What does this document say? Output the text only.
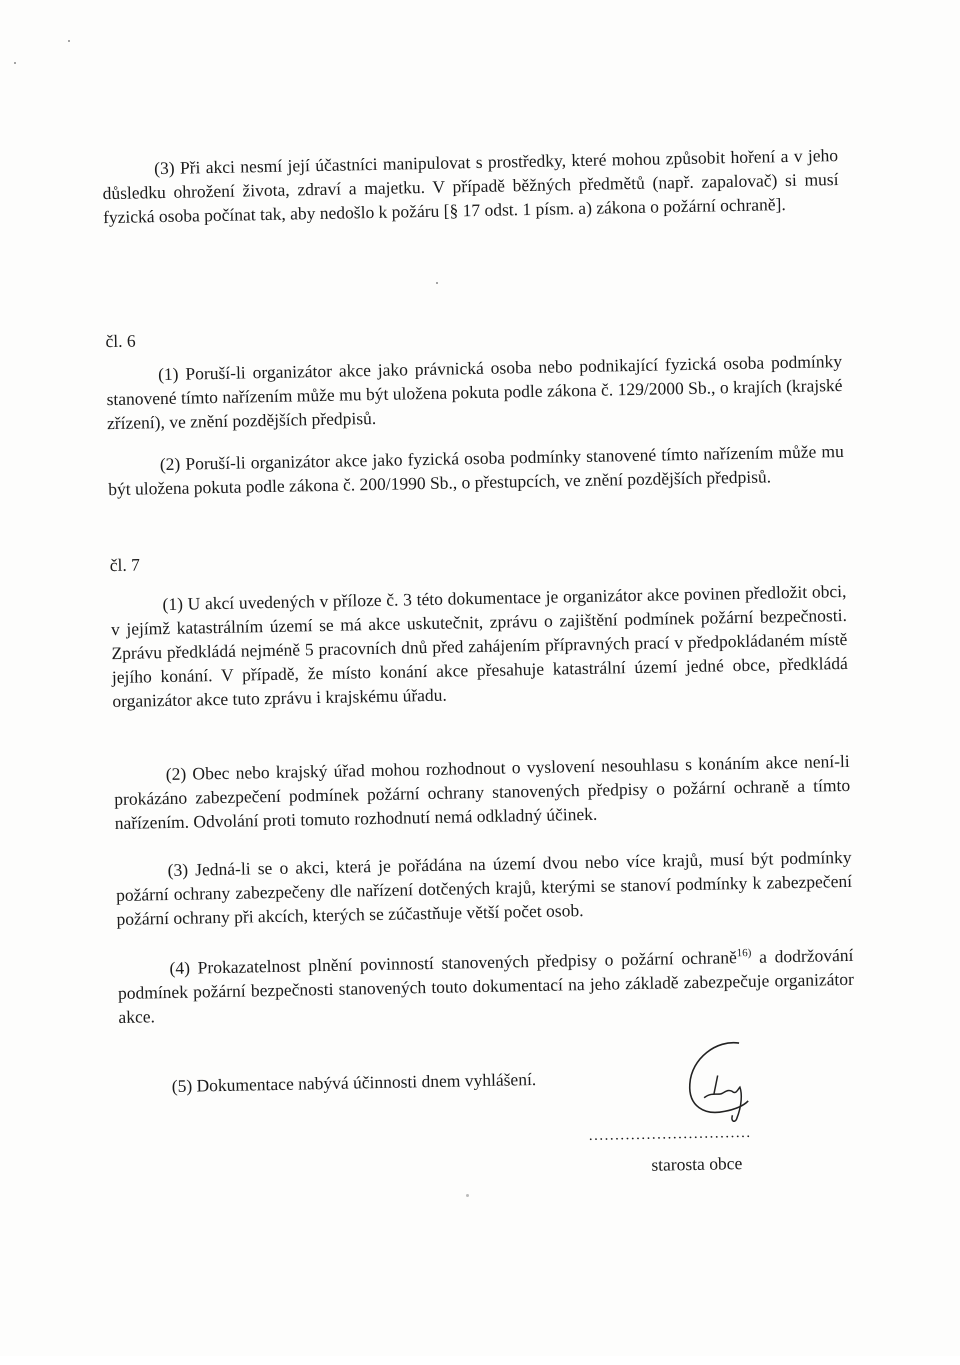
(3) Při akci nesmí její účastníci manipulovat s prostředky, které mohou způsobit hoření a v jeho důsledku ohrožení života, zdraví a majetku. V případě běžných předmětů (např. zapalovač) si musí fyzická osoba počínat tak, aby nedošlo k požáru [§ 17 odst. 1 písm. a) zákona o požární ochraně].

čl. 6

(1) Poruší-li organizátor akce jako právnická osoba nebo podnikající fyzická osoba podmínky stanovené tímto nařízením může mu být uložena pokuta podle zákona č. 129/2000 Sb., o krajích (krajské zřízení), ve znění pozdějších předpisů.

(2) Poruší-li organizátor akce jako fyzická osoba podmínky stanovené tímto nařízením může mu být uložena pokuta podle zákona č. 200/1990 Sb., o přestupcích, ve znění pozdějších předpisů.

čl. 7

(1) U akcí uvedených v příloze č. 3 této dokumentace je organizátor akce povinen předložit obci, v jejímž katastrálním území se má akce uskutečnit, zprávu o zajištění podmínek požární bezpečnosti. Zprávu předkládá nejméně 5 pracovních dnů před zahájením přípravných prací v předpokládaném místě jejího konání. V případě, že místo konání akce přesahuje katastrální území jedné obce, předkládá organizátor akce tuto zprávu i krajskému úřadu.

(2) Obec nebo krajský úřad mohou rozhodnout o vyslovení nesouhlasu s konáním akce není-li prokázáno zabezpečení podmínek požární ochrany stanovených předpisy o požární ochraně a tímto nařízením. Odvolání proti tomuto rozhodnutí nemá odkladný účinek.

(3) Jedná-li se o akci, která je pořádána na území dvou nebo více krajů, musí být podmínky požární ochrany zabezpečeny dle nařízení dotčených krajů, kterými se stanoví podmínky k zabezpečení požární ochrany při akcích, kterých se zúčastňuje větší počet osob.

(4) Prokazatelnost plnění povinností stanovených předpisy o požární ochraně$^{16)}$ a dodržování podmínek požární bezpečnosti stanovených touto dokumentací na jeho základě zabezpečuje organizátor akce.

(5) Dokumentace nabývá účinnosti dnem vyhlášení.

...............................
starosta obce
